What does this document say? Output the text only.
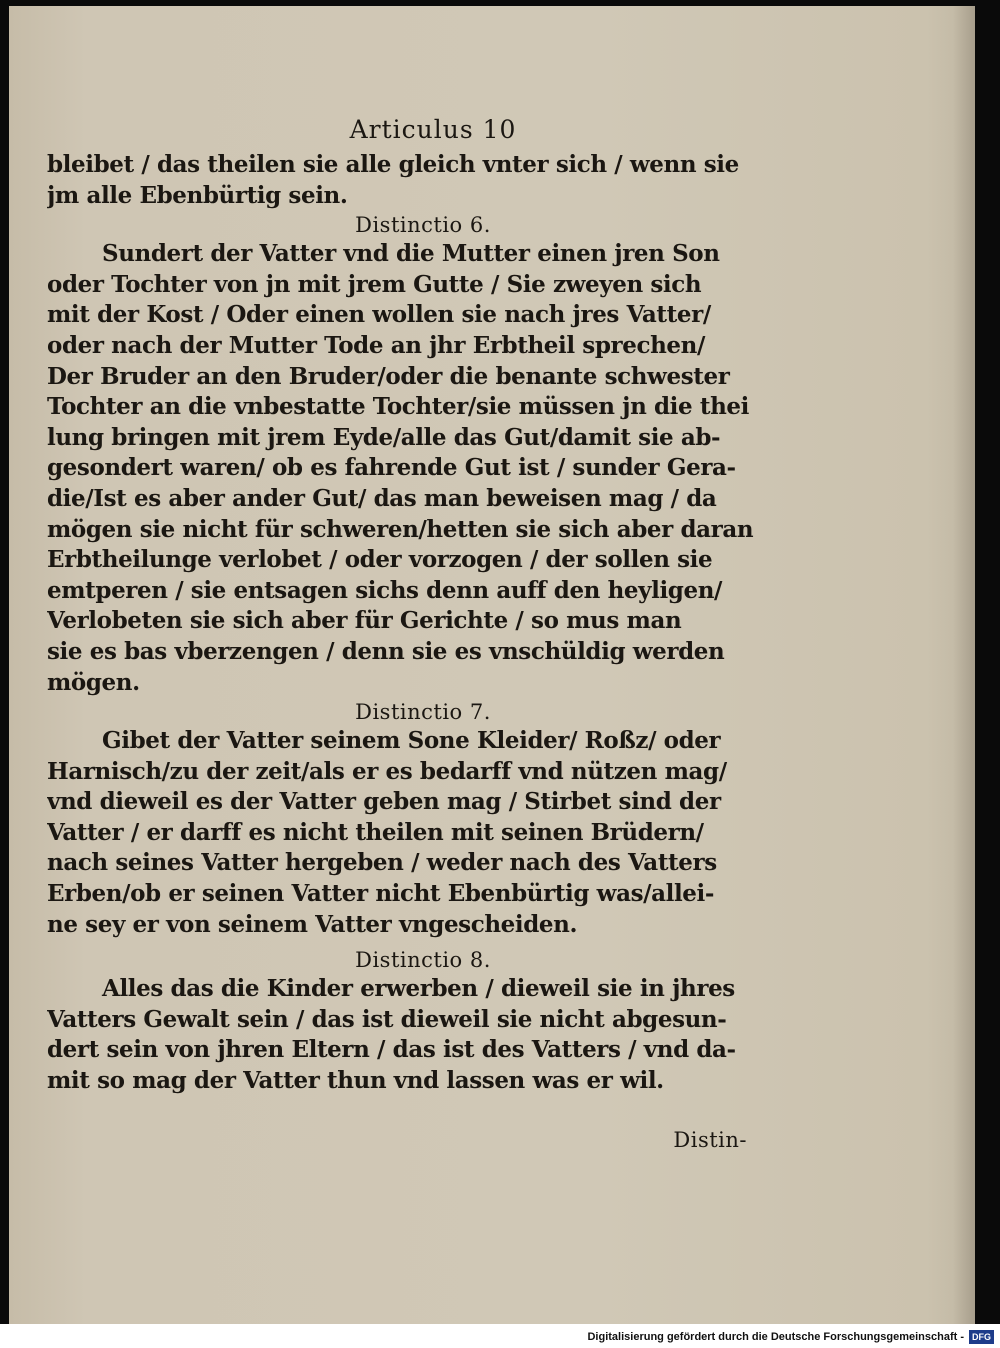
Articulus 10
bleibet / das theilen sie alle gleich vnter sich / wenn sie
jm alle Ebenbürtig sein.
Distinctio 6.
Sundert der Vatter vnd die Mutter einen jren Son
oder Tochter von jn mit jrem Gutte / Sie zweyen sich
mit der Kost / Oder einen wollen sie nach jres Vatter/
oder nach der Mutter Tode an jhr Erbtheil sprechen/
Der Bruder an den Bruder/oder die benante schwester
Tochter an die vnbestatte Tochter/sie müssen jn die thei
lung bringen mit jrem Eyde/alle das Gut/damit sie ab-
gesondert waren/ ob es fahrende Gut ist / sunder Gera-
die/Ist es aber ander Gut/ das man beweisen mag / da
mögen sie nicht für schweren/hetten sie sich aber daran
Erbtheilunge verlobet / oder vorzogen / der sollen sie
emtperen / sie entsagen sichs denn auff den heyligen/
Verlobeten sie sich aber für Gerichte / so mus man
sie es bas vberzengen / denn sie es vnschüldig werden
mögen.
Distinctio 7.
Gibet der Vatter seinem Sone Kleider/ Roßz/ oder
Harnisch/zu der zeit/als er es bedarff vnd nützen mag/
vnd dieweil es der Vatter geben mag / Stirbet sind der
Vatter / er darff es nicht theilen mit seinen Brüdern/
nach seines Vatter hergeben / weder nach des Vatters
Erben/ob er seinen Vatter nicht Ebenbürtig was/allei-
ne sey er von seinem Vatter vngescheiden.
Distinctio 8.
Alles das die Kinder erwerben / dieweil sie in jhres
Vatters Gewalt sein / das ist dieweil sie nicht abgesun-
dert sein von jhren Eltern / das ist des Vatters / vnd da-
mit so mag der Vatter thun vnd lassen was er wil.
Distin-
Digitalisierung gefördert durch die Deutsche Forschungsgemeinschaft - DFG
